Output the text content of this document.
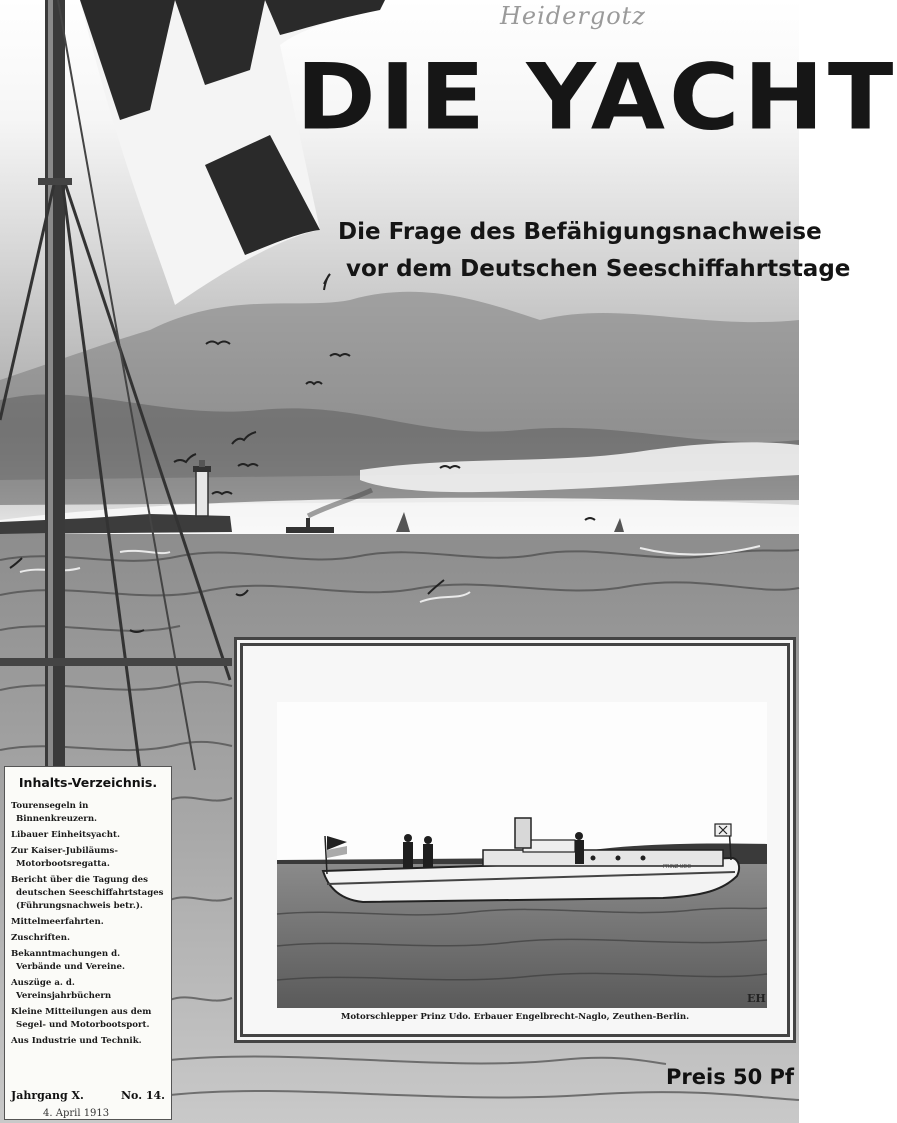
Heidergotz
DIE YACHT
Die Frage des Befähigungsnachweise
vor dem Deutschen Seeschiffahrtstage
Inhalts-Verzeichnis.
Tourensegeln in Binnenkreuzern.
Libauer Einheitsyacht.
Zur Kaiser-Jubiläums-Motorbootsregatta.
Bericht über die Tagung des deutschen Seeschiffahrtstages (Führungsnachweis betr.).
Mittelmeerfahrten.
Zuschriften.
Bekanntmachungen d. Verbände und Vereine.
Auszüge a. d. Vereinsjahrbüchern
Kleine Mitteilungen aus dem Segel- und Motorbootsport.
Aus Industrie und Technik.
Jahrgang X.	No. 14.
4. April 1913
PRINZ UDO
EH
Motorschlepper Prinz Udo. Erbauer Engelbrecht-Naglo, Zeuthen-Berlin.
Preis 50 Pf
